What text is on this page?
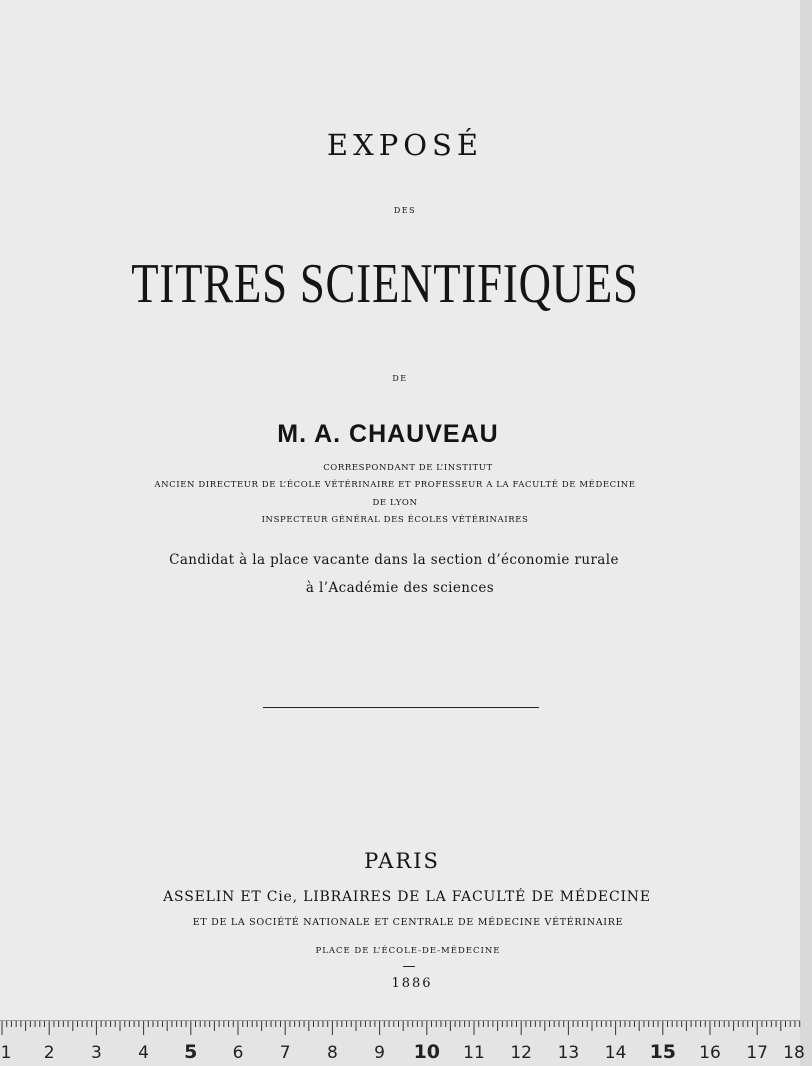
EXPOSÉ
DES
TITRES SCIENTIFIQUES
DE
M. A. CHAUVEAU
CORRESPONDANT DE L’INSTITUT
ANCIEN DIRECTEUR DE L’ÉCOLE VÉTÉRINAIRE ET PROFESSEUR A LA FACULTÉ DE MÉDECINE
DE LYON
INSPECTEUR GÉNÉRAL DES ÉCOLES VÉTÉRINAIRES
Candidat à la place vacante dans la section d’économie rurale
à l’Académie des sciences
PARIS
ASSELIN ET Cie, LIBRAIRES DE LA FACULTÉ DE MÉDECINE
ET DE LA SOCIÉTÉ NATIONALE ET CENTRALE DE MÉDECINE VÉTÉRINAIRE
PLACE DE L’ÉCOLE-DE-MÉDECINE
1886
1 2 3 4 5 6 7 8 9 10 11 12 13 14 15 16 17 18
